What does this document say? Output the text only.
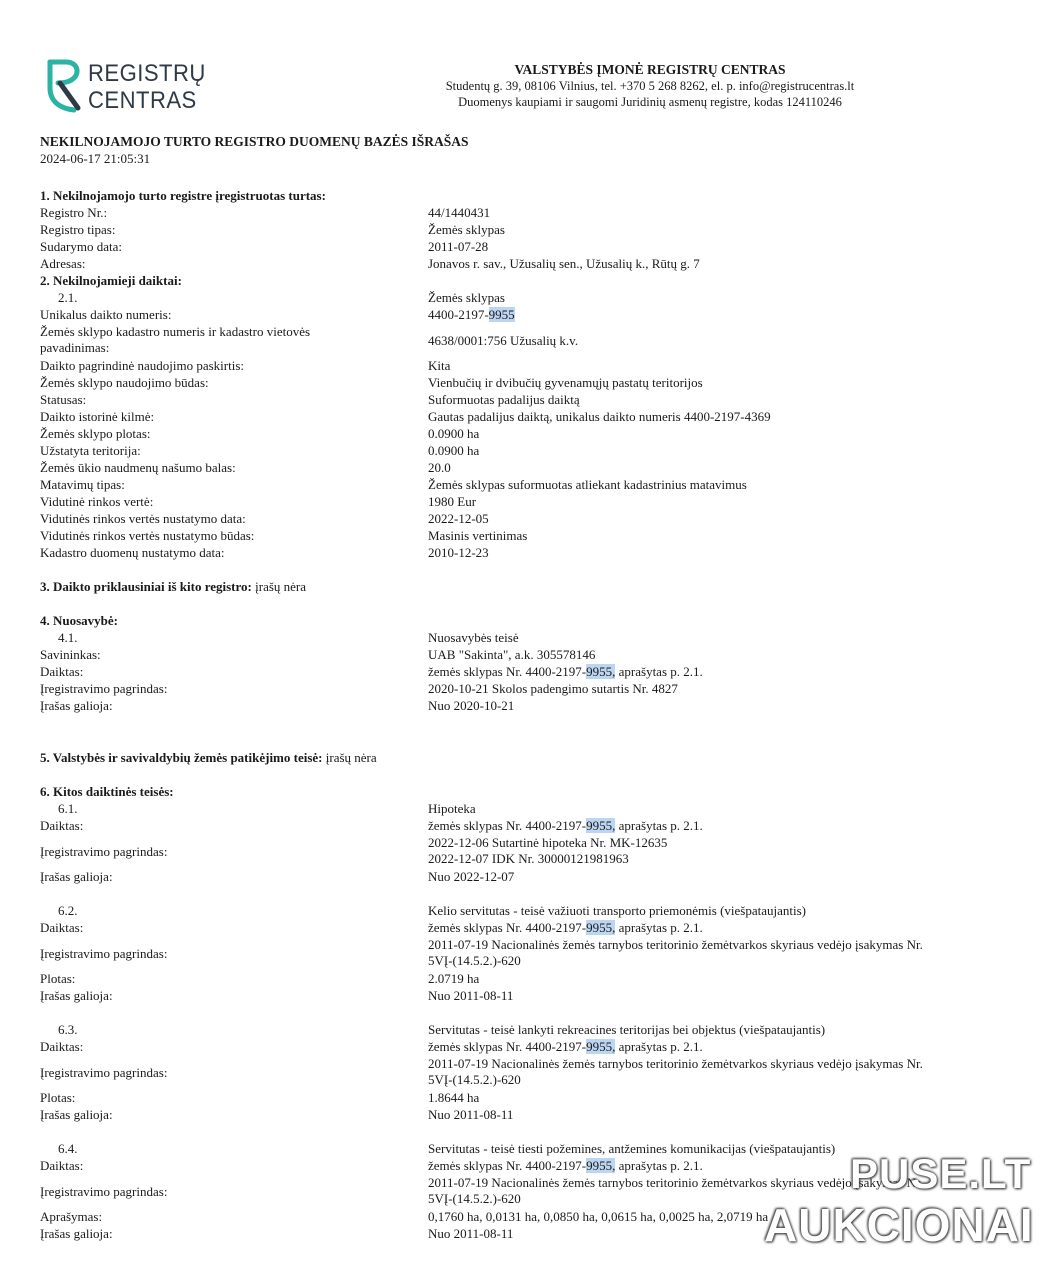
REGISTRŲ
CENTRAS
VALSTYBĖS ĮMONĖ REGISTRŲ CENTRAS
Studentų g. 39, 08106 Vilnius, tel. +370 5 268 8262, el. p. info@registrucentras.lt
Duomenys kaupiami ir saugomi Juridinių asmenų registre, kodas 124110246
NEKILNOJAMOJO TURTO REGISTRO DUOMENŲ BAZĖS IŠRAŠAS
2024-06-17 21:05:31
1. Nekilnojamojo turto registre įregistruotas turtas:
Registro Nr.:	44/1440431
Registro tipas:	Žemės sklypas
Sudarymo data:	2011-07-28
Adresas:	Jonavos r. sav., Užusalių sen., Užusalių k., Rūtų g. 7
2. Nekilnojamieji daiktai:
2.1.	Žemės sklypas
Unikalus daikto numeris:	4400-2197-9955
Žemės sklypo kadastro numeris ir kadastro vietovės pavadinimas:	4638/0001:756 Užusalių k.v.
Daikto pagrindinė naudojimo paskirtis:	Kita
Žemės sklypo naudojimo būdas:	Vienbučių ir dvibučių gyvenamųjų pastatų teritorijos
Statusas:	Suformuotas padalijus daiktą
Daikto istorinė kilmė:	Gautas padalijus daiktą, unikalus daikto numeris 4400-2197-4369
Žemės sklypo plotas:	0.0900 ha
Užstatyta teritorija:	0.0900 ha
Žemės ūkio naudmenų našumo balas:	20.0
Matavimų tipas:	Žemės sklypas suformuotas atliekant kadastrinius matavimus
Vidutinė rinkos vertė:	1980 Eur
Vidutinės rinkos vertės nustatymo data:	2022-12-05
Vidutinės rinkos vertės nustatymo būdas:	Masinis vertinimas
Kadastro duomenų nustatymo data:	2010-12-23
3. Daikto priklausiniai iš kito registro: įrašų nėra
4. Nuosavybė:
4.1.	Nuosavybės teisė
Savininkas:	UAB "Sakinta", a.k. 305578146
Daiktas:	žemės sklypas Nr. 4400-2197-9955, aprašytas p. 2.1.
Įregistravimo pagrindas:	2020-10-21 Skolos padengimo sutartis Nr. 4827
Įrašas galioja:	Nuo 2020-10-21
5. Valstybės ir savivaldybių žemės patikėjimo teisė: įrašų nėra
6. Kitos daiktinės teisės:
6.1.	Hipoteka
Daiktas:	žemės sklypas Nr. 4400-2197-9955, aprašytas p. 2.1.
Įregistravimo pagrindas:
2022-12-06 Sutartinė hipoteka Nr. MK-12635
2022-12-07 IDK Nr. 30000121981963
Įrašas galioja:	Nuo 2022-12-07
6.2.	Kelio servitutas - teisė važiuoti transporto priemonėmis (viešpataujantis)
Daiktas:	žemės sklypas Nr. 4400-2197-9955, aprašytas p. 2.1.
Įregistravimo pagrindas:
2011-07-19 Nacionalinės žemės tarnybos teritorinio žemėtvarkos skyriaus vedėjo įsakymas Nr.
5VĮ-(14.5.2.)-620
Plotas:	2.0719 ha
Įrašas galioja:	Nuo 2011-08-11
6.3.	Servitutas - teisė lankyti rekreacines teritorijas bei objektus (viešpataujantis)
Daiktas:	žemės sklypas Nr. 4400-2197-9955, aprašytas p. 2.1.
Įregistravimo pagrindas:
2011-07-19 Nacionalinės žemės tarnybos teritorinio žemėtvarkos skyriaus vedėjo įsakymas Nr.
5VĮ-(14.5.2.)-620
Plotas:	1.8644 ha
Įrašas galioja:	Nuo 2011-08-11
6.4.	Servitutas - teisė tiesti požemines, antžemines komunikacijas (viešpataujantis)
Daiktas:	žemės sklypas Nr. 4400-2197-9955, aprašytas p. 2.1.
Įregistravimo pagrindas:
2011-07-19 Nacionalinės žemės tarnybos teritorinio žemėtvarkos skyriaus vedėjo įsakymas Nr.
5VĮ-(14.5.2.)-620
Aprašymas:	0,1760 ha, 0,0131 ha, 0,0850 ha, 0,0615 ha, 0,0025 ha, 2,0719 ha
Įrašas galioja:	Nuo 2011-08-11
PUSE.LT
AUKCIONAI
